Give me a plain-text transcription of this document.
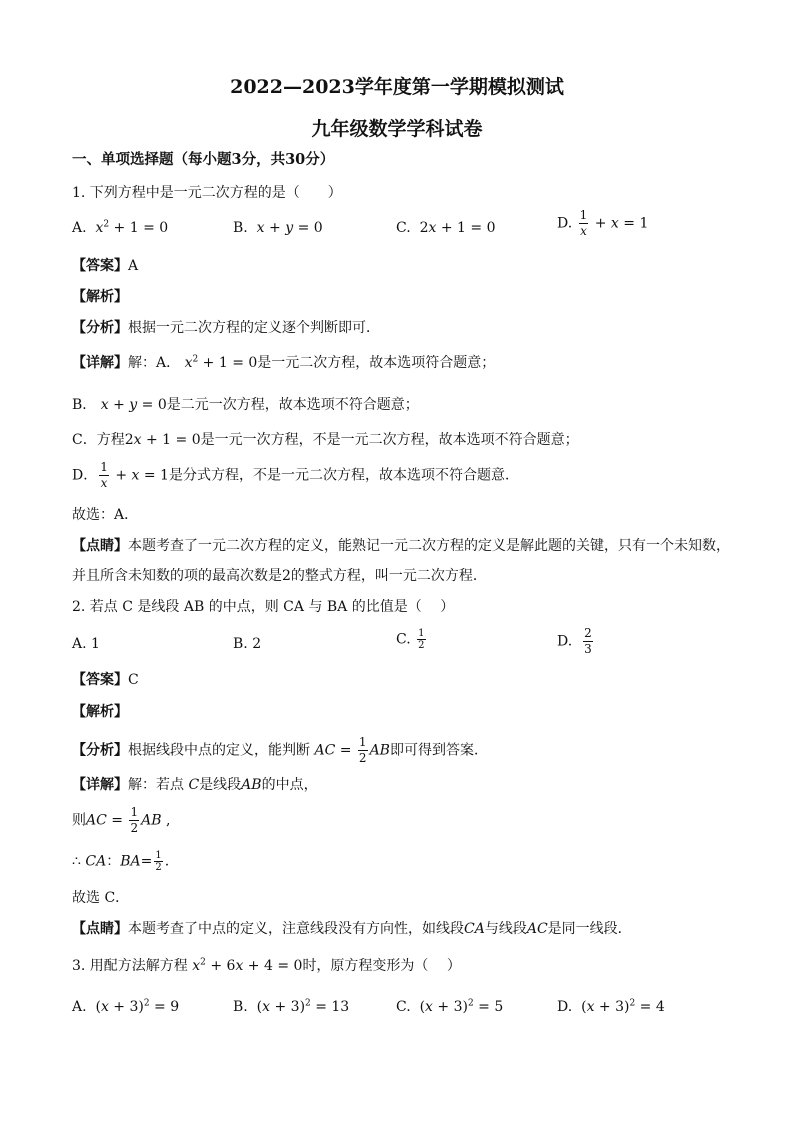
2022—2023学年度第一学期模拟测试
九年级数学学科试卷
一、单项选择题（每小题3分，共30分）
1. 下列方程中是一元二次方程的是（　　）
A. $x^2 + 1 = 0$	B. x + y = 0	C. 2x + 1 = 0	D. $\frac{1}{x} + x = 1$
【答案】A
【解析】
【分析】根据一元二次方程的定义逐个判断即可．
【详解】解：A． $x^2 + 1 = 0$是一元二次方程，故本选项符合题意；
B． x + y = 0是二元一次方程，故本选项不符合题意；
C．方程2x + 1 = 0是一元一次方程，不是一元二次方程，故本选项不符合题意；
D． $\frac{1}{x} + x = 1$是分式方程，不是一元二次方程，故本选项不符合题意．
故选：A．
【点睛】本题考查了一元二次方程的定义，能熟记一元二次方程的定义是解此题的关键，只有一个未知数，
并且所含未知数的项的最高次数是2的整式方程，叫一元二次方程．
2. 若点 C 是线段 AB 的中点，则 CA 与 BA 的比值是（　 ）
A. 1	B. 2	C. $\frac{1}{2}$	D. $\frac{2}{3}$
【答案】C
【解析】
【分析】根据线段中点的定义，能判断 AC = $\frac{1}{2}$ AB即可得到答案．
【详解】解：若点 C是线段AB的中点，
则AC = $\frac{1}{2}$ AB ,
∴ CA：$BA= \frac{1}{2}$ .
故选 C．
【点睛】本题考查了中点的定义，注意线段没有方向性，如线段CA与线段AC是同一线段．
3. 用配方法解方程 $x^2 + 6x + 4 = 0$时，原方程变形为（　 ）
A. $(x + 3)^2 = 9$	B. $(x + 3)^2 = 13$	C. $(x + 3)^2 = 5$	D. $(x + 3)^2 = 4$
